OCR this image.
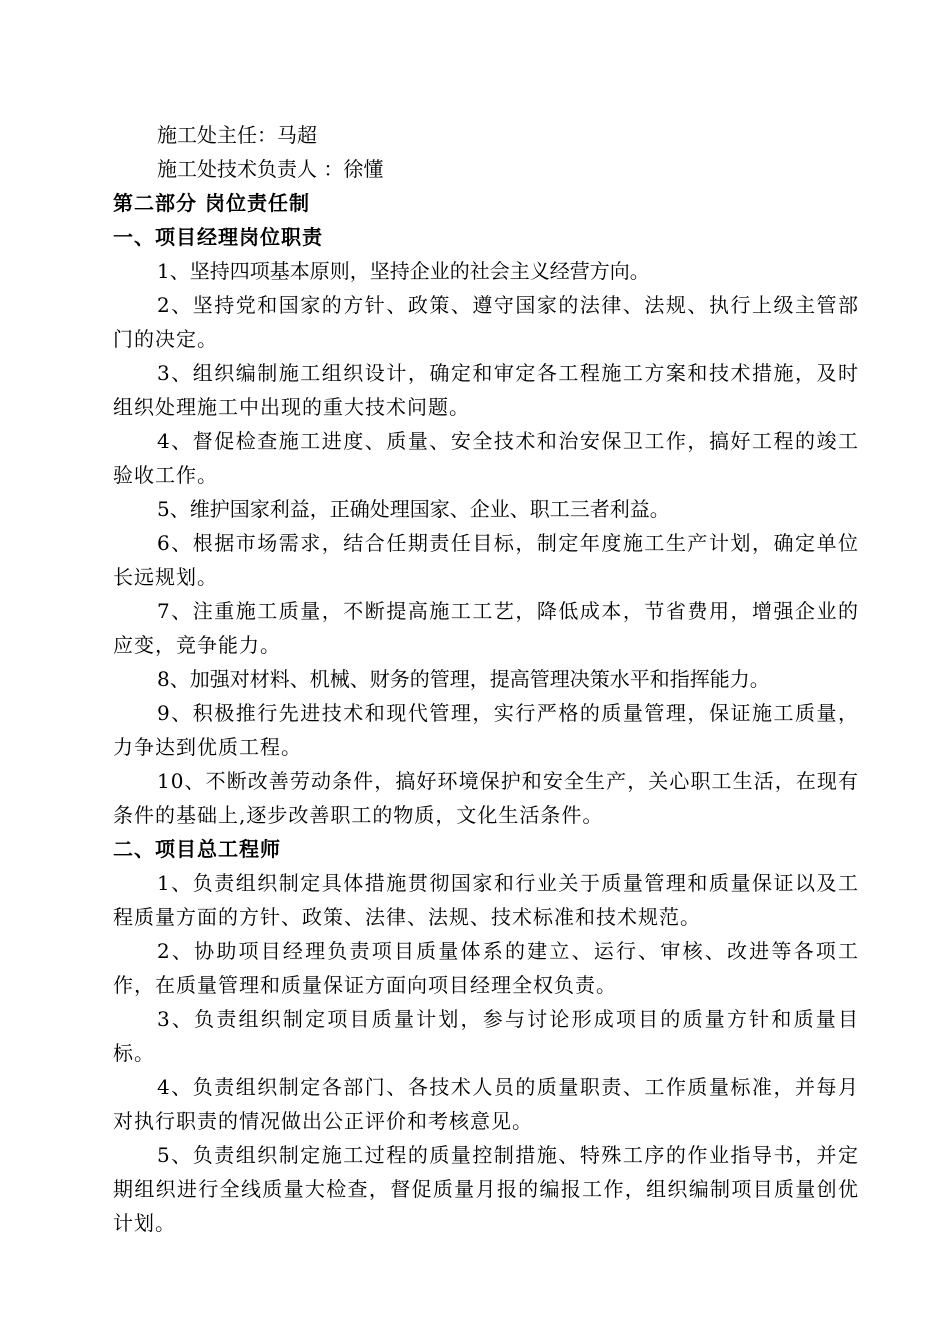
施工处主任：马超
施工处技术负责人 ：徐懂
第二部分 岗位责任制
一、项目经理岗位职责

1、坚持四项基本原则，坚持企业的社会主义经营方向。

2、坚持党和国家的方针、政策、遵守国家的法律、法规、执行上级主管部门的决定。

3、组织编制施工组织设计，确定和审定各工程施工方案和技术措施，及时组织处理施工中出现的重大技术问题。

4、督促检查施工进度、质量、安全技术和治安保卫工作，搞好工程的竣工验收工作。

5、维护国家利益，正确处理国家、企业、职工三者利益。

6、根据市场需求，结合任期责任目标，制定年度施工生产计划，确定单位长远规划。

7、注重施工质量，不断提高施工工艺，降低成本，节省费用，增强企业的应变，竞争能力。

8、加强对材料、机械、财务的管理，提高管理决策水平和指挥能力。

9、积极推行先进技术和现代管理，实行严格的质量管理，保证施工质量，力争达到优质工程。

10、不断改善劳动条件，搞好环境保护和安全生产，关心职工生活，在现有条件的基础上,逐步改善职工的物质，文化生活条件。

二、项目总工程师

1、负责组织制定具体措施贯彻国家和行业关于质量管理和质量保证以及工程质量方面的方针、政策、法律、法规、技术标准和技术规范。

2、协助项目经理负责项目质量体系的建立、运行、审核、改进等各项工作，在质量管理和质量保证方面向项目经理全权负责。

3、负责组织制定项目质量计划，参与讨论形成项目的质量方针和质量目标。

4、负责组织制定各部门、各技术人员的质量职责、工作质量标准，并每月对执行职责的情况做出公正评价和考核意见。

5、负责组织制定施工过程的质量控制措施、特殊工序的作业指导书，并定期组织进行全线质量大检查，督促质量月报的编报工作，组织编制项目质量创优计划。
